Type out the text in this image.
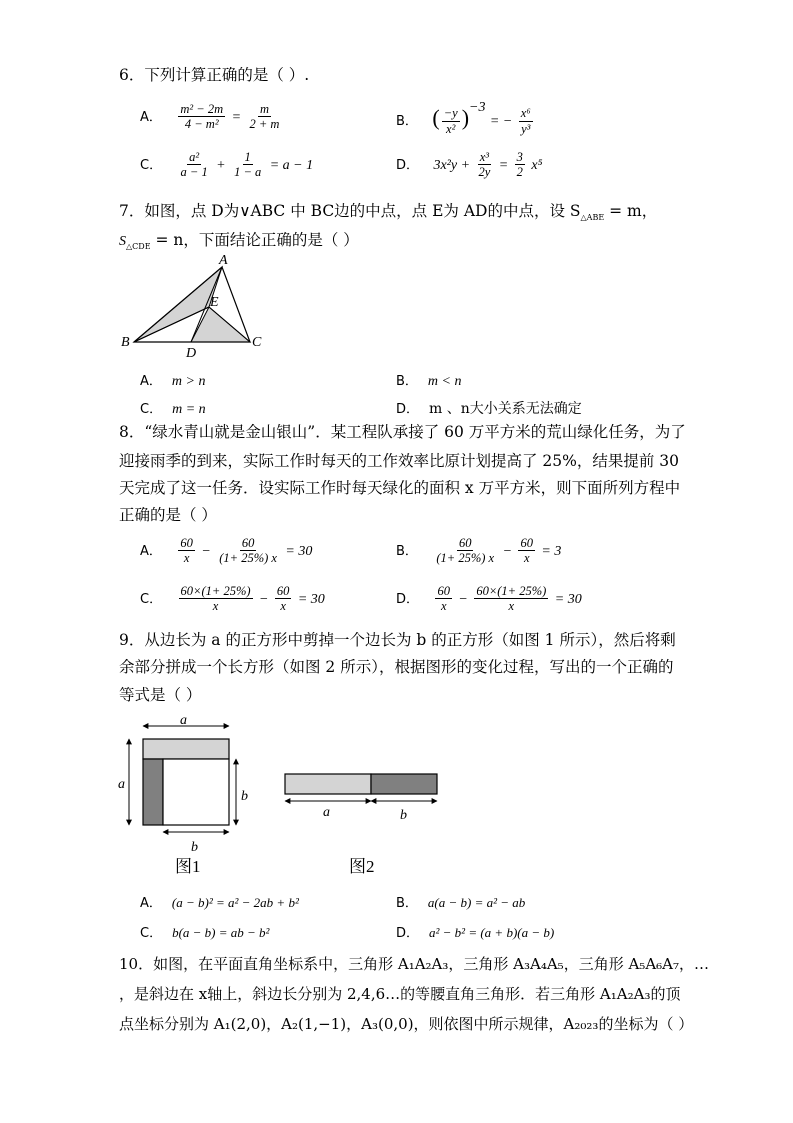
6．下列计算正确的是（ ）.
A． $\frac{\text{m² − 2m}}{\text{4 − m²}} = \frac{m}{2 + m}$	B． ( $\frac{-y}{\text{x²}} )^{-3}$ = − $\frac{\text{x⁶}}{\text{y³}}$
C． $\frac{\text{a²}}{a - 1} + \frac{1}{1 - a} = a - 1$	D． $3x^2y + \frac{\text{x³}}{2y} = \frac{3}{2} x^5$
7．如图，点 D为∨ABC 中 BC边的中点，点 E为 AD的中点，设 $S_{\triangle ABE} = m$，
$S_{\triangle CDE} = n$，下面结论正确的是（ ）
A
B	C
D
E
A． m > n	B． m < n
C． m = n	D． m 、n大小关系无法确定
8．“绿水青山就是金山银山”．某工程队承接了 60 万平方米的荒山绿化任务，为了
迎接雨季的到来，实际工作时每天的工作效率比原计划提高了 25%，结果提前 30
天完成了这一任务．设实际工作时每天绿化的面积 x 万平方米，则下面所列方程中
正确的是（ ）
A． $\frac{60}{x} - \frac{60}{(1+ 25\%) x} = 30$	B． $\frac{60}{(1+ 25\%) x} - \frac{60}{x} = 3$
C． $\frac{60\times(1+ 25\%)}{x} - \frac{60}{x} = 30$	D． $\frac{60}{x} - \frac{60\times(1+ 25\%)}{x} = 30$
9．从边长为 a 的正方形中剪掉一个边长为 b 的正方形（如图 1 所示），然后将剩
余部分拼成一个长方形（如图 2 所示），根据图形的变化过程，写出的一个正确的
等式是（ ）
a
a
b
b
图1
a	b
图2
A． (a − b)² = a² − 2ab + b²	B． a(a − b) = a² − ab
C． b(a − b) = ab − b²	D． a² − b² = (a + b)(a − b)
10．如图，在平面直角坐标系中，三角形 A₁A₂A₃，三角形 A₃A₄A₅，三角形 A₅A₆A₇，…
，是斜边在 x轴上，斜边长分别为 2,4,6…的等腰直角三角形．若三角形 A₁A₂A₃的顶
点坐标分别为 A₁(2,0)，A₂(1,−1)，A₃(0,0)，则依图中所示规律，A₂₀₂₃的坐标为（ ）
